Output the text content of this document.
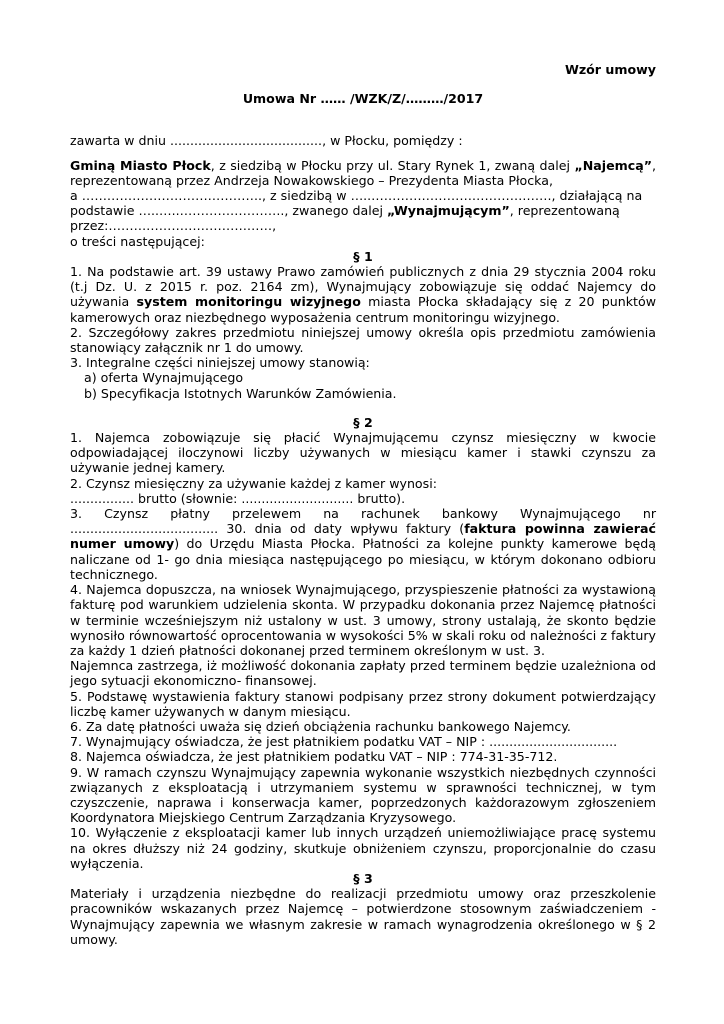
Wzór umowy

Umowa Nr …… /WZK/Z/………/2017

zawarta w dniu ......................................, w Płocku, pomiędzy :

Gminą Miasto Płock, z siedzibą w Płocku przy ul. Stary Rynek 1, zwaną dalej „Najemcą”, reprezentowaną przez Andrzeja Nowakowskiego – Prezydenta Miasta Płocka,

a ……………………………………., z siedzibą w …..……………………………………., działającą na

podstawie …..…..……………………., zwanego dalej „Wynajmującym”, reprezentowaną

przez:…………………………………,

o treści następującej:

§ 1

1. Na podstawie art. 39 ustawy Prawo zamówień publicznych z dnia 29 stycznia 2004 roku (t.j Dz. U. z 2015 r. poz. 2164 zm), Wynajmujący zobowiązuje się oddać Najemcy do używania system monitoringu wizyjnego miasta Płocka składający się z 20 punktów kamerowych oraz niezbędnego wyposażenia centrum monitoringu wizyjnego.

2. Szczegółowy zakres przedmiotu niniejszej umowy określa opis przedmiotu zamówienia stanowiący załącznik nr 1 do umowy.

3. Integralne części niniejszej umowy stanowią:

a) oferta Wynajmującego

b) Specyfikacja Istotnych Warunków Zamówienia.

§ 2

1. Najemca zobowiązuje się płacić Wynajmującemu czynsz miesięczny w kwocie odpowiadającej iloczynowi liczby używanych w miesiącu kamer i stawki czynszu za używanie jednej kamery.

2. Czynsz miesięczny za używanie każdej z kamer wynosi:

................ brutto (słownie: ............................ brutto).

3. Czynsz płatny przelewem na rachunek bankowy Wynajmującego nr ..................................... 30. dnia od daty wpływu faktury (faktura powinna zawierać numer umowy) do Urzędu Miasta Płocka. Płatności za kolejne punkty kamerowe będą naliczane od 1- go dnia miesiąca następującego po miesiącu, w którym dokonano odbioru technicznego.

4. Najemca dopuszcza, na wniosek Wynajmującego, przyspieszenie płatności za wystawioną fakturę pod warunkiem udzielenia skonta. W przypadku dokonania przez Najemcę płatności w terminie wcześniejszym niż ustalony w ust. 3 umowy, strony ustalają, że skonto będzie wynosiło równowartość oprocentowania w wysokości 5% w skali roku od należności z faktury za każdy 1 dzień płatności dokonanej przed terminem określonym w ust. 3.

Najemnca zastrzega, iż możliwość dokonania zapłaty przed terminem będzie uzależniona od jego sytuacji ekonomiczno- finansowej.

5. Podstawę wystawienia faktury stanowi podpisany przez strony dokument potwierdzający liczbę kamer używanych w danym miesiącu.

6. Za datę płatności uważa się dzień obciążenia rachunku bankowego Najemcy.

7. Wynajmujący oświadcza, że jest płatnikiem podatku VAT – NIP : ................................

8. Najemca oświadcza, że jest płatnikiem podatku VAT – NIP : 774-31-35-712.

9. W ramach czynszu Wynajmujący zapewnia wykonanie wszystkich niezbędnych czynności związanych z eksploatacją i utrzymaniem systemu w sprawności technicznej, w tym czyszczenie, naprawa i konserwacja kamer, poprzedzonych każdorazowym zgłoszeniem Koordynatora Miejskiego Centrum Zarządzania Kryzysowego.

10. Wyłączenie z eksploatacji kamer lub innych urządzeń uniemożliwiające pracę systemu na okres dłuższy niż 24 godziny, skutkuje obniżeniem czynszu, proporcjonalnie do czasu wyłączenia.

§ 3

Materiały i urządzenia niezbędne do realizacji przedmiotu umowy oraz przeszkolenie pracowników wskazanych przez Najemcę – potwierdzone stosownym zaświadczeniem - Wynajmujący zapewnia we własnym zakresie w ramach wynagrodzenia określonego w § 2 umowy.
